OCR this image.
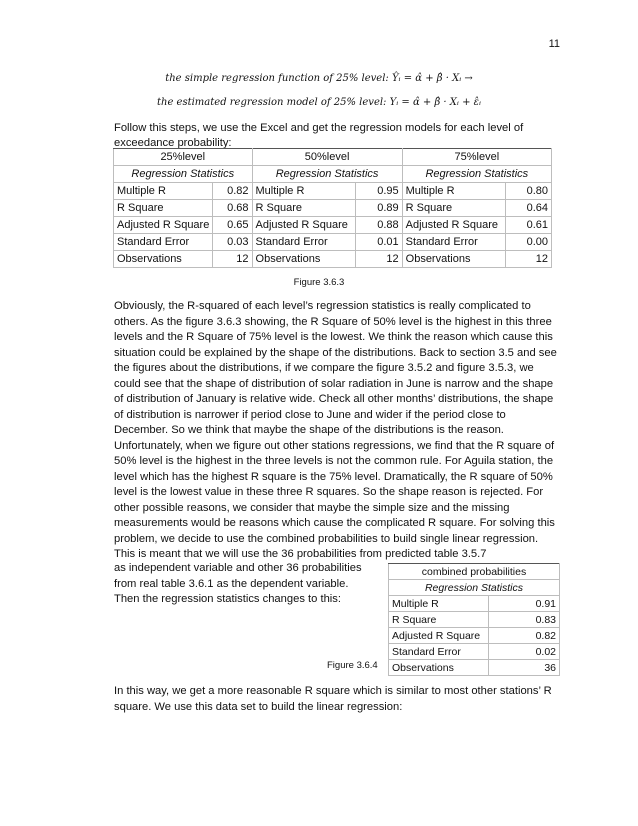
11
the simple regression function of 25% level: Ŷᵢ = α̂ + β̂ · Xᵢ →
the estimated regression model of 25% level: Yᵢ = α̂ + β̂ · Xᵢ + ε̂ᵢ
Follow this steps, we use the Excel and get the regression models for each level of exceedance probability:
25%level		50%level		75%level	
Regression Statistics		Regression Statistics		Regression Statistics	
Multiple R	0.82	Multiple R	0.95	Multiple R	0.80
R Square	0.68	R Square	0.89	R Square	0.64
Adjusted R Square	0.65	Adjusted R Square	0.88	Adjusted R Square	0.61
Standard Error	0.03	Standard Error	0.01	Standard Error	0.00
Observations	12	Observations	12	Observations	12
Figure 3.6.3
Obviously, the R-squared of each level’s regression statistics is really complicated to others. As the figure 3.6.3 showing, the R Square of 50% level is the highest in this three levels and the R Square of 75% level is the lowest. We think the reason which cause this situation could be explained by the shape of the distributions. Back to section 3.5 and see the figures about the distributions, if we compare the figure 3.5.2 and figure 3.5.3, we could see that the shape of distribution of solar radiation in June is narrow and the shape of distribution of January is relative wide. Check all other months’ distributions, the shape of distribution is narrower if period close to June and wider if the period close to December. So we think that maybe the shape of the distributions is the reason. Unfortunately, when we figure out other stations regressions, we find that the R square of 50% level is the highest in the three levels is not the common rule. For Aguila station, the level which has the highest R square is the 75% level. Dramatically, the R square of 50% level is the lowest value in these three R squares. So the shape reason is rejected. For other possible reasons, we consider that maybe the simple size and the missing measurements would be reasons which cause the complicated R square. For solving this problem, we decide to use the combined probabilities to build single linear regression. This is meant that we will use the 36 probabilities from predicted table 3.5.7
as independent variable and other 36 probabilities from real table 3.6.1 as the dependent variable. Then the regression statistics changes to this:
combined probabilities	
Regression Statistics	
Multiple R	0.91
R Square	0.83
Adjusted R Square	0.82
Standard Error	0.02
Observations	36
Figure 3.6.4
In this way, we get a more reasonable R square which is similar to most other stations’ R square. We use this data set to build the linear regression:
